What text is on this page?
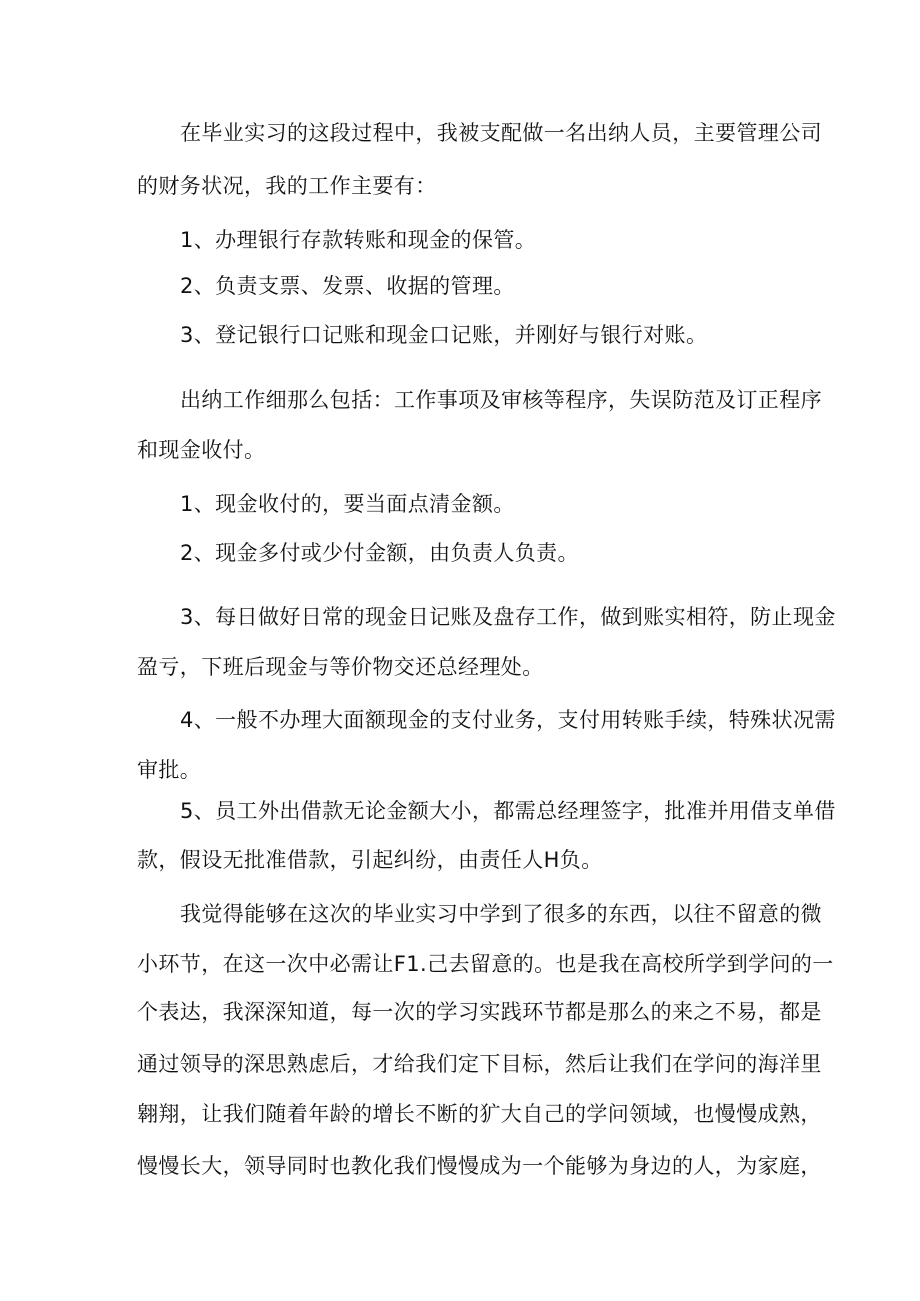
在毕业实习的这段过程中，我被支配做一名出纳人员，主要管理公司
的财务状况，我的工作主要有：
1、办理银行存款转账和现金的保管。
2、负责支票、发票、收据的管理。
3、登记银行口记账和现金口记账，并刚好与银行对账。
出纳工作细那么包括：工作事项及审核等程序，失误防范及订正程序
和现金收付。
1、现金收付的，要当面点清金额。
2、现金多付或少付金额，由负责人负责。
3、每日做好日常的现金日记账及盘存工作，做到账实相符，防止现金
盈亏，下班后现金与等价物交还总经理处。
4、一般不办理大面额现金的支付业务，支付用转账手续，特殊状况需
审批。
5、员工外出借款无论金额大小，都需总经理签字，批准并用借支单借
款，假设无批准借款，引起纠纷，由责任人H负。
我觉得能够在这次的毕业实习中学到了很多的东西，以往不留意的微
小环节，在这一次中必需让F1.己去留意的。也是我在高校所学到学问的一
个表达，我深深知道，每一次的学习实践环节都是那么的来之不易，都是
通过领导的深思熟虑后，才给我们定下目标，然后让我们在学问的海洋里
翱翔，让我们随着年龄的增长不断的犷大自己的学问领域，也慢慢成熟，
慢慢长大，领导同时也教化我们慢慢成为一个能够为身边的人，为家庭，
